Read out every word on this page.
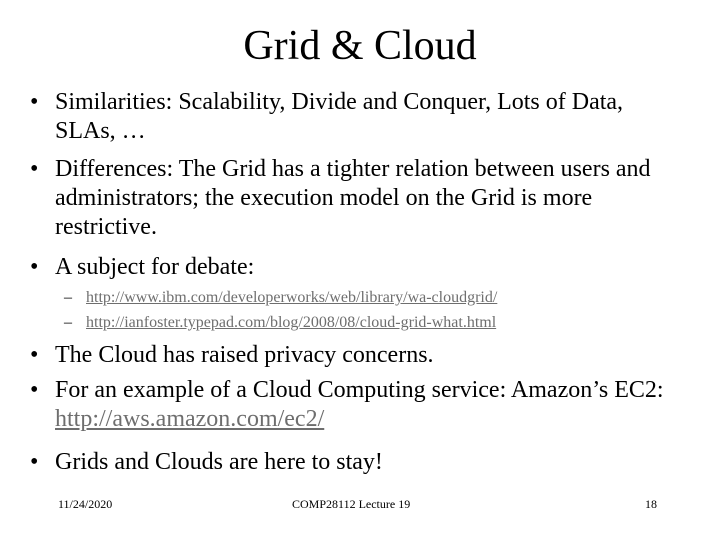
Grid & Cloud
• Similarities: Scalability, Divide and Conquer, Lots of Data, SLAs, …
• Differences: The Grid has a tighter relation between users and administrators; the execution model on the Grid is more restrictive.
• A subject for debate:
– http://www.ibm.com/developerworks/web/library/wa-cloudgrid/
– http://ianfoster.typepad.com/blog/2008/08/cloud-grid-what.html
• The Cloud has raised privacy concerns.
• For an example of a Cloud Computing service: Amazon’s EC2:  http://aws.amazon.com/ec2/
• Grids and Clouds are here to stay!
11/24/2020	COMP28112 Lecture 19	18
